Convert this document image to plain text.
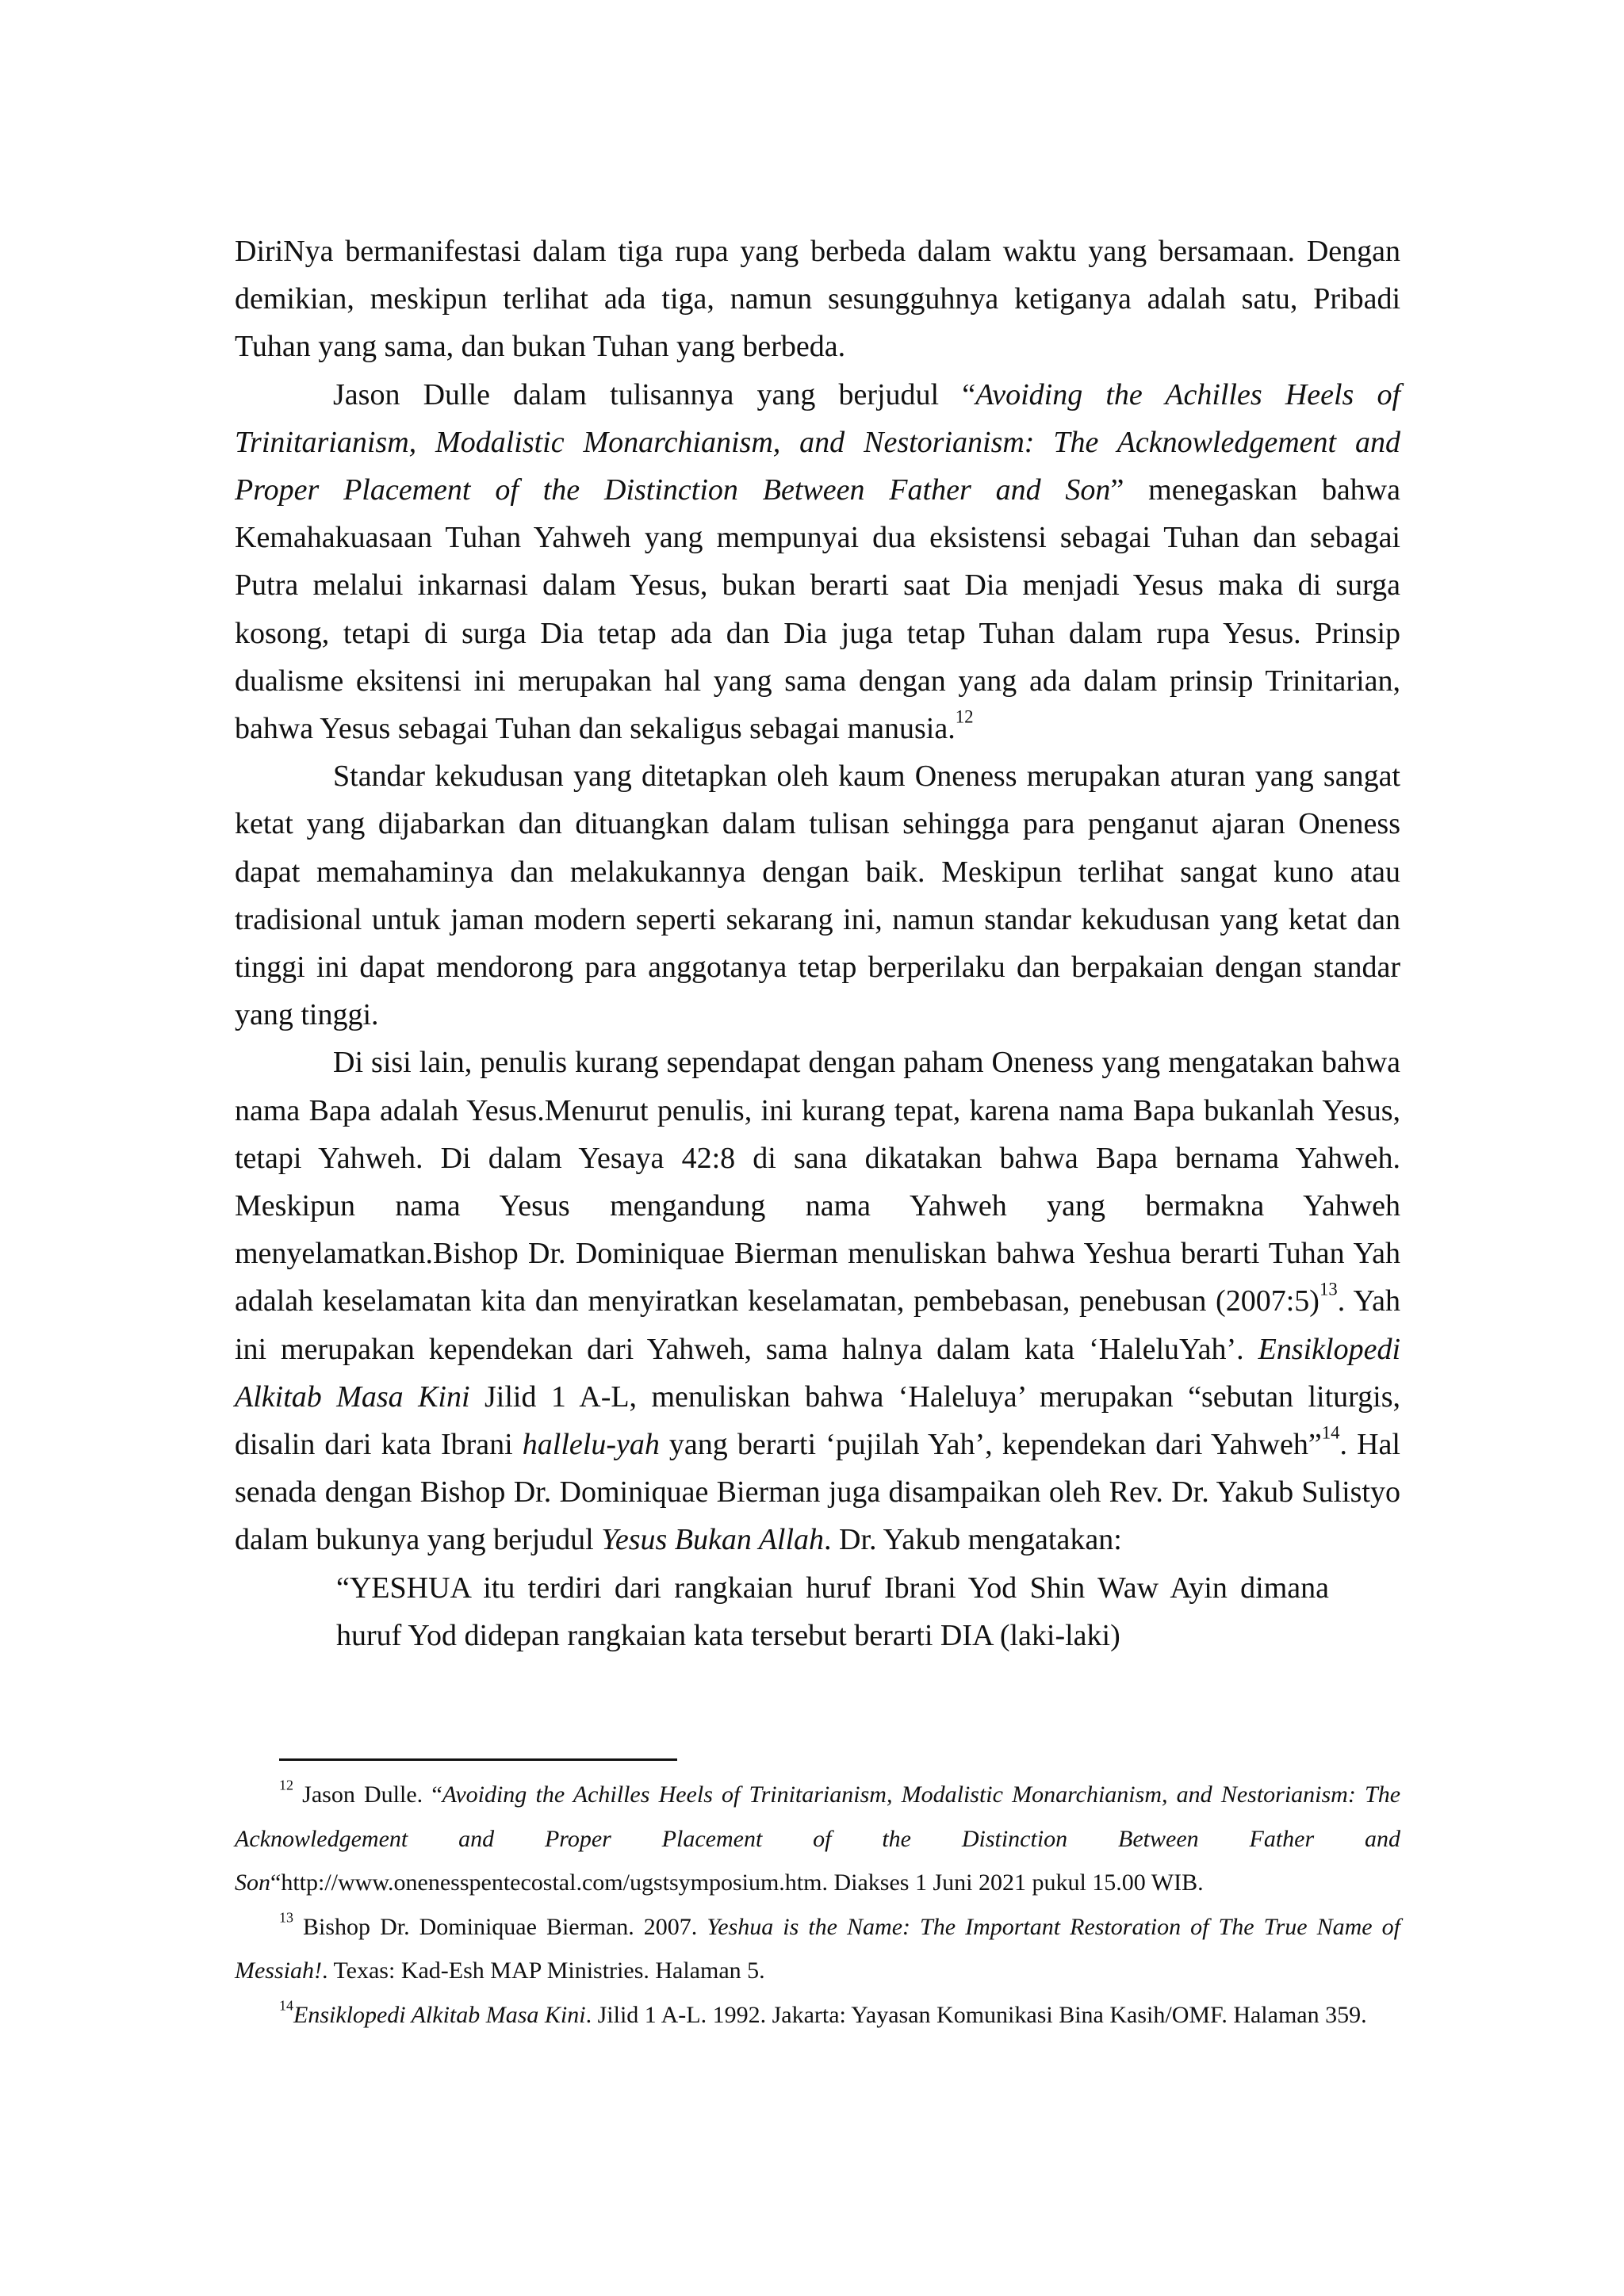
DiriNya bermanifestasi dalam tiga rupa yang berbeda dalam waktu yang bersamaan. Dengan demikian, meskipun terlihat ada tiga, namun sesungguhnya ketiganya adalah satu, Pribadi Tuhan yang sama, dan bukan Tuhan yang berbeda.

Jason Dulle dalam tulisannya yang berjudul “Avoiding the Achilles Heels of Trinitarianism, Modalistic Monarchianism, and Nestorianism: The Acknowledgement and Proper Placement of the Distinction Between Father and Son” menegaskan bahwa Kemahakuasaan Tuhan Yahweh yang mempunyai dua eksistensi sebagai Tuhan dan sebagai Putra melalui inkarnasi dalam Yesus, bukan berarti saat Dia menjadi Yesus maka di surga kosong, tetapi di surga Dia tetap ada dan Dia juga tetap Tuhan dalam rupa Yesus. Prinsip dualisme eksitensi ini merupakan hal yang sama dengan yang ada dalam prinsip Trinitarian, bahwa Yesus sebagai Tuhan dan sekaligus sebagai manusia.$^{12}$

Standar kekudusan yang ditetapkan oleh kaum Oneness merupakan aturan yang sangat ketat yang dijabarkan dan dituangkan dalam tulisan sehingga para penganut ajaran Oneness dapat memahaminya dan melakukannya dengan baik. Meskipun terlihat sangat kuno atau tradisional untuk jaman modern seperti sekarang ini, namun standar kekudusan yang ketat dan tinggi ini dapat mendorong para anggotanya tetap berperilaku dan berpakaian dengan standar yang tinggi.

Di sisi lain, penulis kurang sependapat dengan paham Oneness yang mengatakan bahwa nama Bapa adalah Yesus.Menurut penulis, ini kurang tepat, karena nama Bapa bukanlah Yesus, tetapi Yahweh. Di dalam Yesaya 42:8 di sana dikatakan bahwa Bapa bernama Yahweh. Meskipun nama Yesus mengandung nama Yahweh yang bermakna Yahweh menyelamatkan.Bishop Dr. Dominiquae Bierman menuliskan bahwa Yeshua berarti Tuhan Yah adalah keselamatan kita dan menyiratkan keselamatan, pembebasan, penebusan (2007:5)$^{13}$. Yah ini merupakan kependekan dari Yahweh, sama halnya dalam kata ‘HaleluYah’. Ensiklopedi Alkitab Masa Kini Jilid 1 A-L, menuliskan bahwa ‘Haleluya’ merupakan “sebutan liturgis, disalin dari kata Ibrani hallelu-yah yang berarti ‘pujilah Yah’, kependekan dari Yahweh”$^{14}$. Hal senada dengan Bishop Dr. Dominiquae Bierman juga disampaikan oleh Rev. Dr. Yakub Sulistyo dalam bukunya yang berjudul Yesus Bukan Allah. Dr. Yakub mengatakan:

“YESHUA itu terdiri dari rangkaian huruf Ibrani Yod Shin Waw Ayin dimana huruf Yod didepan rangkaian kata tersebut berarti DIA (laki-laki)

$^{12}$ Jason Dulle. “Avoiding the Achilles Heels of Trinitarianism, Modalistic Monarchianism, and Nestorianism: The Acknowledgement and Proper Placement of the Distinction Between Father and Son“http://www.onenesspentecostal.com/ugstsymposium.htm. Diakses 1 Juni 2021 pukul 15.00 WIB.

$^{13}$ Bishop Dr. Dominiquae Bierman. 2007. Yeshua is the Name: The Important Restoration of The True Name of Messiah!. Texas: Kad-Esh MAP Ministries. Halaman 5.

$^{14}$Ensiklopedi Alkitab Masa Kini. Jilid 1 A-L. 1992. Jakarta: Yayasan Komunikasi Bina Kasih/OMF. Halaman 359.
